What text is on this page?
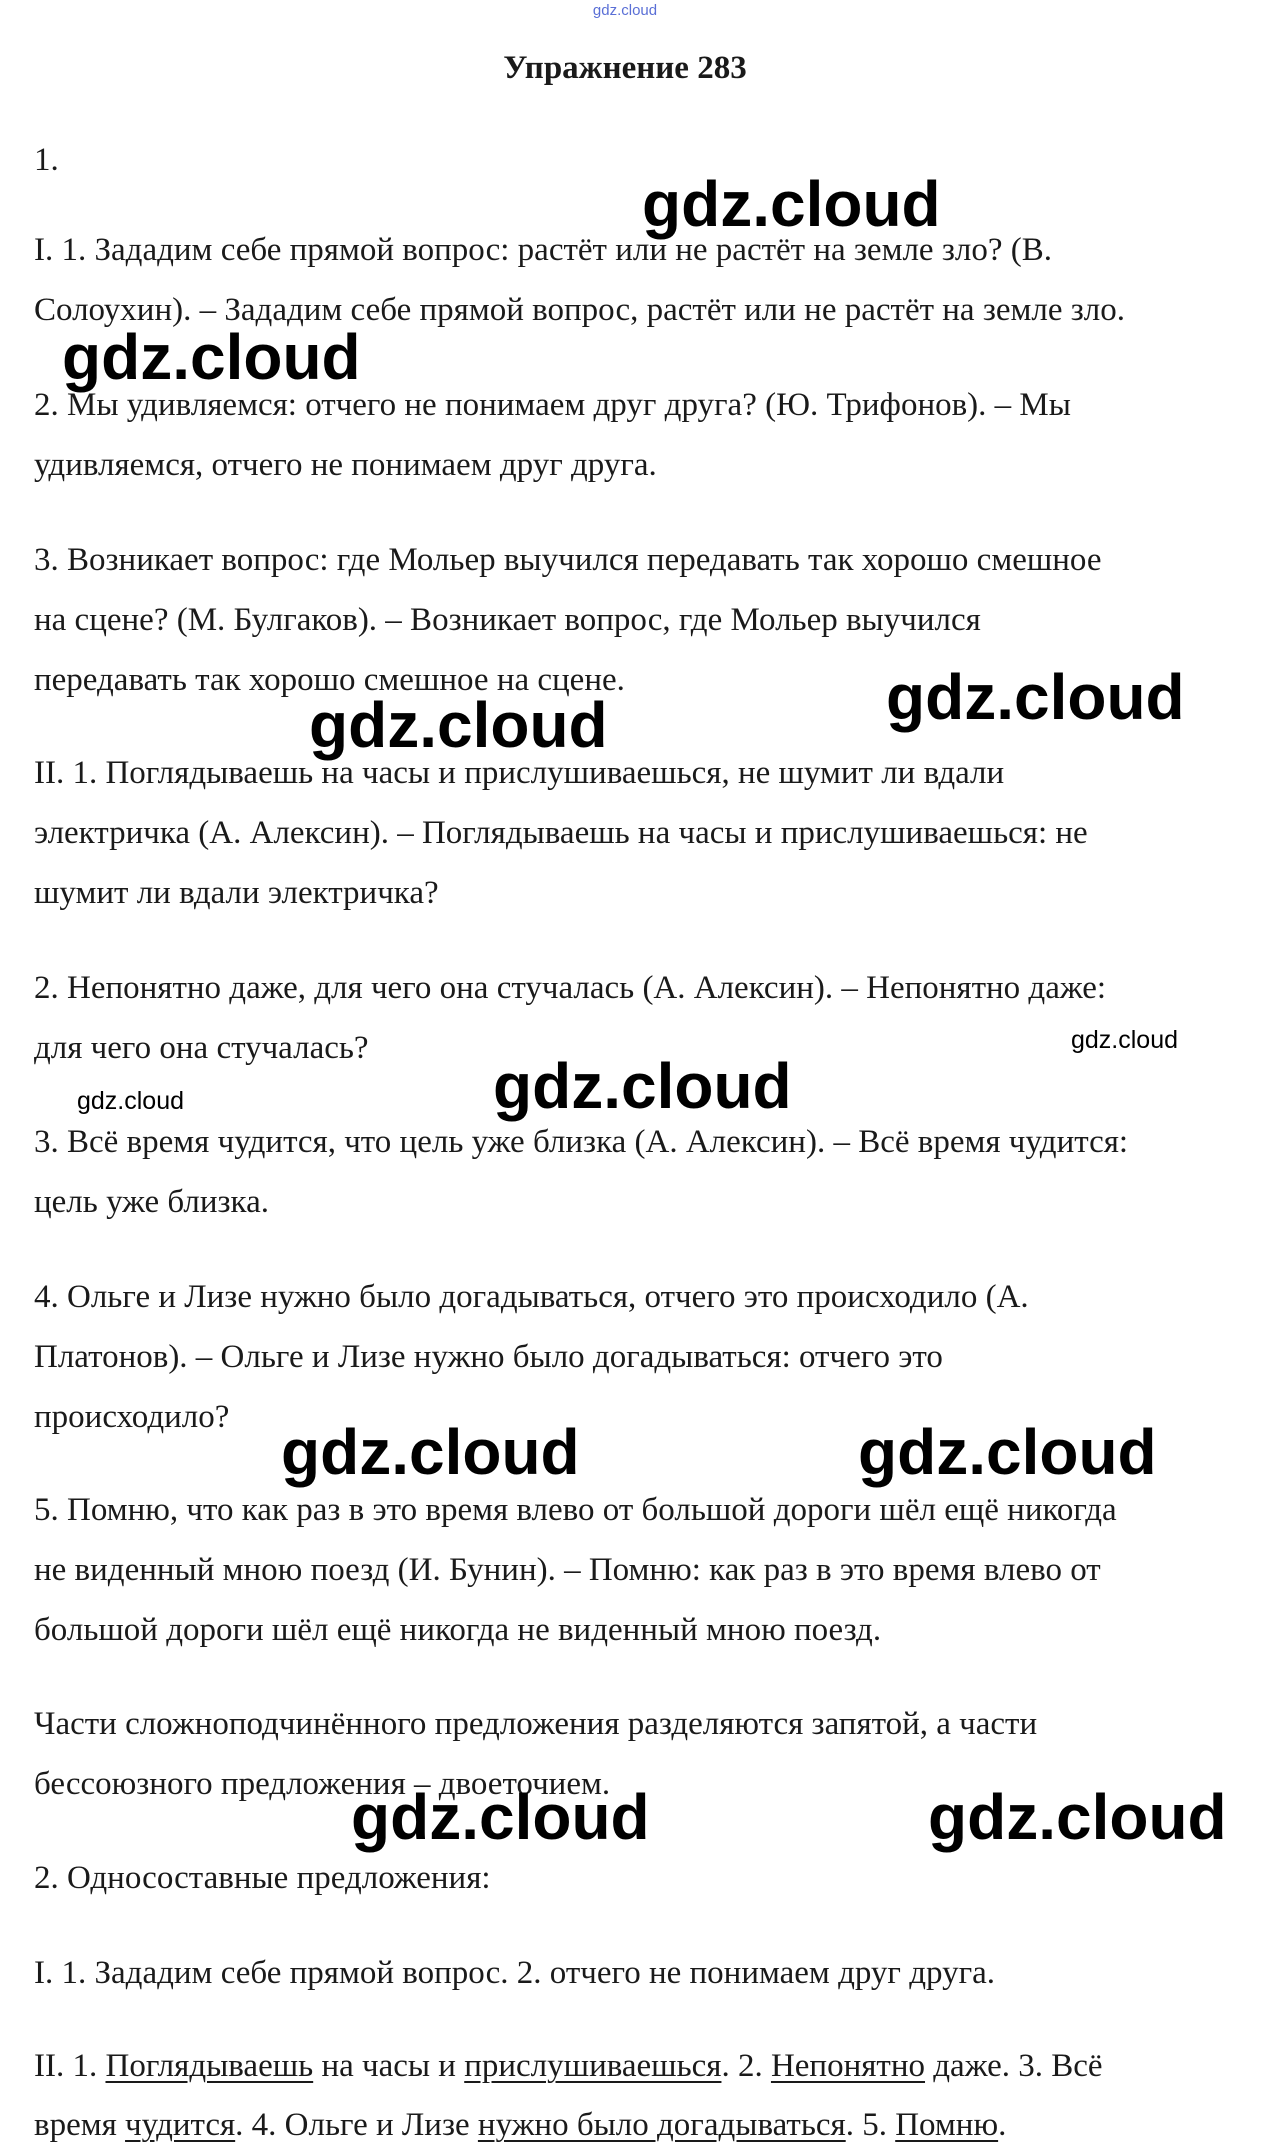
gdz.cloud
Упражнение 283
1.
I. 1. Зададим себе прямой вопрос: растёт или не растёт на земле зло? (В.
Солоухин). – Зададим себе прямой вопрос, растёт или не растёт на земле зло.
2. Мы удивляемся: отчего не понимаем друг друга? (Ю. Трифонов). – Мы
удивляемся, отчего не понимаем друг друга.
3. Возникает вопрос: где Мольер выучился передавать так хорошо смешное
на сцене? (М. Булгаков). – Возникает вопрос, где Мольер выучился
передавать так хорошо смешное на сцене.
II. 1. Поглядываешь на часы и прислушиваешься, не шумит ли вдали
электричка (А. Алексин). – Поглядываешь на часы и прислушиваешься: не
шумит ли вдали электричка?
2. Непонятно даже, для чего она стучалась (А. Алексин). – Непонятно даже:
для чего она стучалась?
3. Всё время чудится, что цель уже близка (А. Алексин). – Всё время чудится:
цель уже близка.
4. Ольге и Лизе нужно было догадываться, отчего это происходило (А.
Платонов). – Ольге и Лизе нужно было догадываться: отчего это
происходило?
5. Помню, что как раз в это время влево от большой дороги шёл ещё никогда
не виденный мною поезд (И. Бунин). – Помню: как раз в это время влево от
большой дороги шёл ещё никогда не виденный мною поезд.
Части сложноподчинённого предложения разделяются запятой, а части
бессоюзного предложения – двоеточием.
2. Односоставные предложения:
I. 1. Зададим себе прямой вопрос. 2. отчего не понимаем друг друга.
II. 1. Поглядываешь на часы и прислушиваешься. 2. Непонятно даже. 3. Всё
время чудится. 4. Ольге и Лизе нужно было догадываться. 5. Помню.
gdz.cloud
gdz.cloud
gdz.cloud
gdz.cloud
gdz.cloud
gdz.cloud
gdz.cloud
gdz.cloud	gdz.cloud
gdz.cloud	gdz.cloud
